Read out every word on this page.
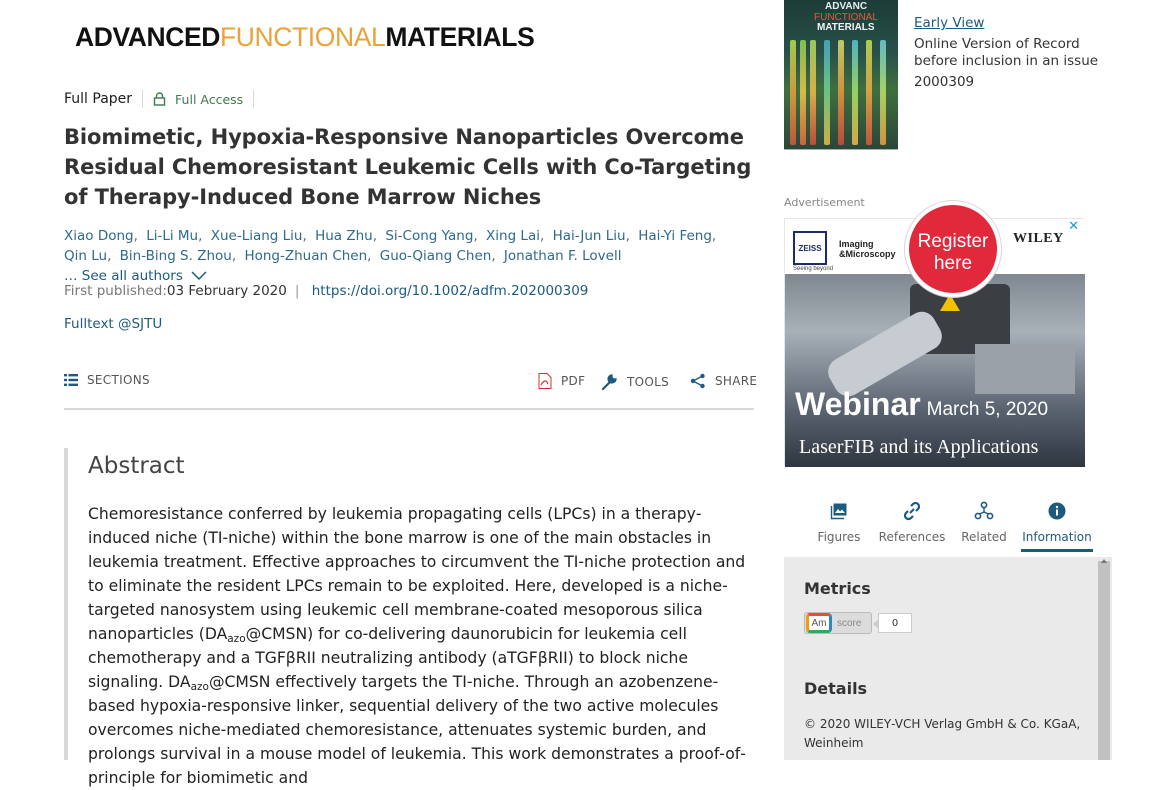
ADVANCEDFUNCTIONALMATERIALS
Full Paper	Full Access
Biomimetic, Hypoxia‐Responsive Nanoparticles Overcome Residual Chemoresistant Leukemic Cells with Co‐Targeting of Therapy‐Induced Bone Marrow Niches
Xiao Dong, Li‐Li Mu, Xue‐Liang Liu, Hua Zhu, Si‐Cong Yang, Xing Lai, Hai‐Jun Liu, Hai‐Yi Feng, Qin Lu, Bin‐Bing S. Zhou, Hong‐Zhuan Chen, Guo‐Qiang Chen, Jonathan F. Lovell … See all authors
First published:03 February 2020 | https://doi.org/10.1002/adfm.202000309
Fulltext @SJTU
SECTIONS	PDF	TOOLS	SHARE
Abstract

Chemoresistance conferred by leukemia propagating cells (LPCs) in a therapy‐induced niche (TI‐niche) within the bone marrow is one of the main obstacles in leukemia treatment. Effective approaches to circumvent the TI‐niche protection and to eliminate the resident LPCs remain to be exploited. Here, developed is a niche‐targeted nanosystem using leukemic cell membrane‐coated mesoporous silica nanoparticles $(DA_{azo}@CMSN)$ for co‐delivering daunorubicin for leukemia cell chemotherapy and a TGFβRII neutralizing antibody (aTGFβRII) to block niche signaling. $DA_{azo}@CMSN$ effectively targets the TI‐niche. Through an azobenzene‐based hypoxia‐responsive linker, sequential delivery of the two active molecules overcomes niche‐mediated chemoresistance, attenuates systemic burden, and prolongs survival in a mouse model of leukemia. This work demonstrates a proof‐of‐principle for biomimetic and

ADVANC
FUNCTIONAL
MATERIALS	Early View
Online Version of Record before inclusion in an issue
2000309
Advertisement
Webinar March 5, 2020
LaserFIB and its Applications
ZEISS
Seeing beyond
Imaging
&Microscopy
WILEY
Register here
✕
Figures	References	Related	Information
Metrics
Am	score	0
Details
© 2020 WILEY‐VCH Verlag GmbH & Co. KGaA, Weinheim
